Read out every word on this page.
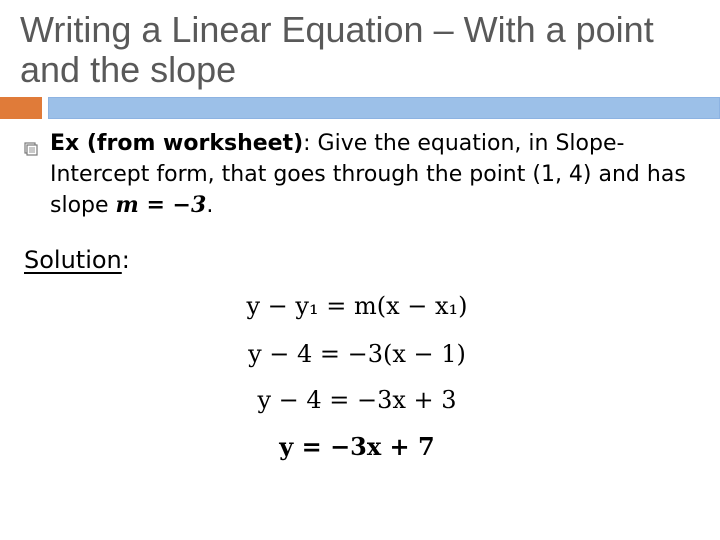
Writing a Linear Equation – With a point and the slope
Ex (from worksheet): Give the equation, in Slope-Intercept form, that goes through the point (1, 4) and has slope m = −3.
Solution:
y − y₁ = m(x − x₁)
y − 4 = −3(x − 1)
y − 4 = −3x + 3
y = −3x + 7
